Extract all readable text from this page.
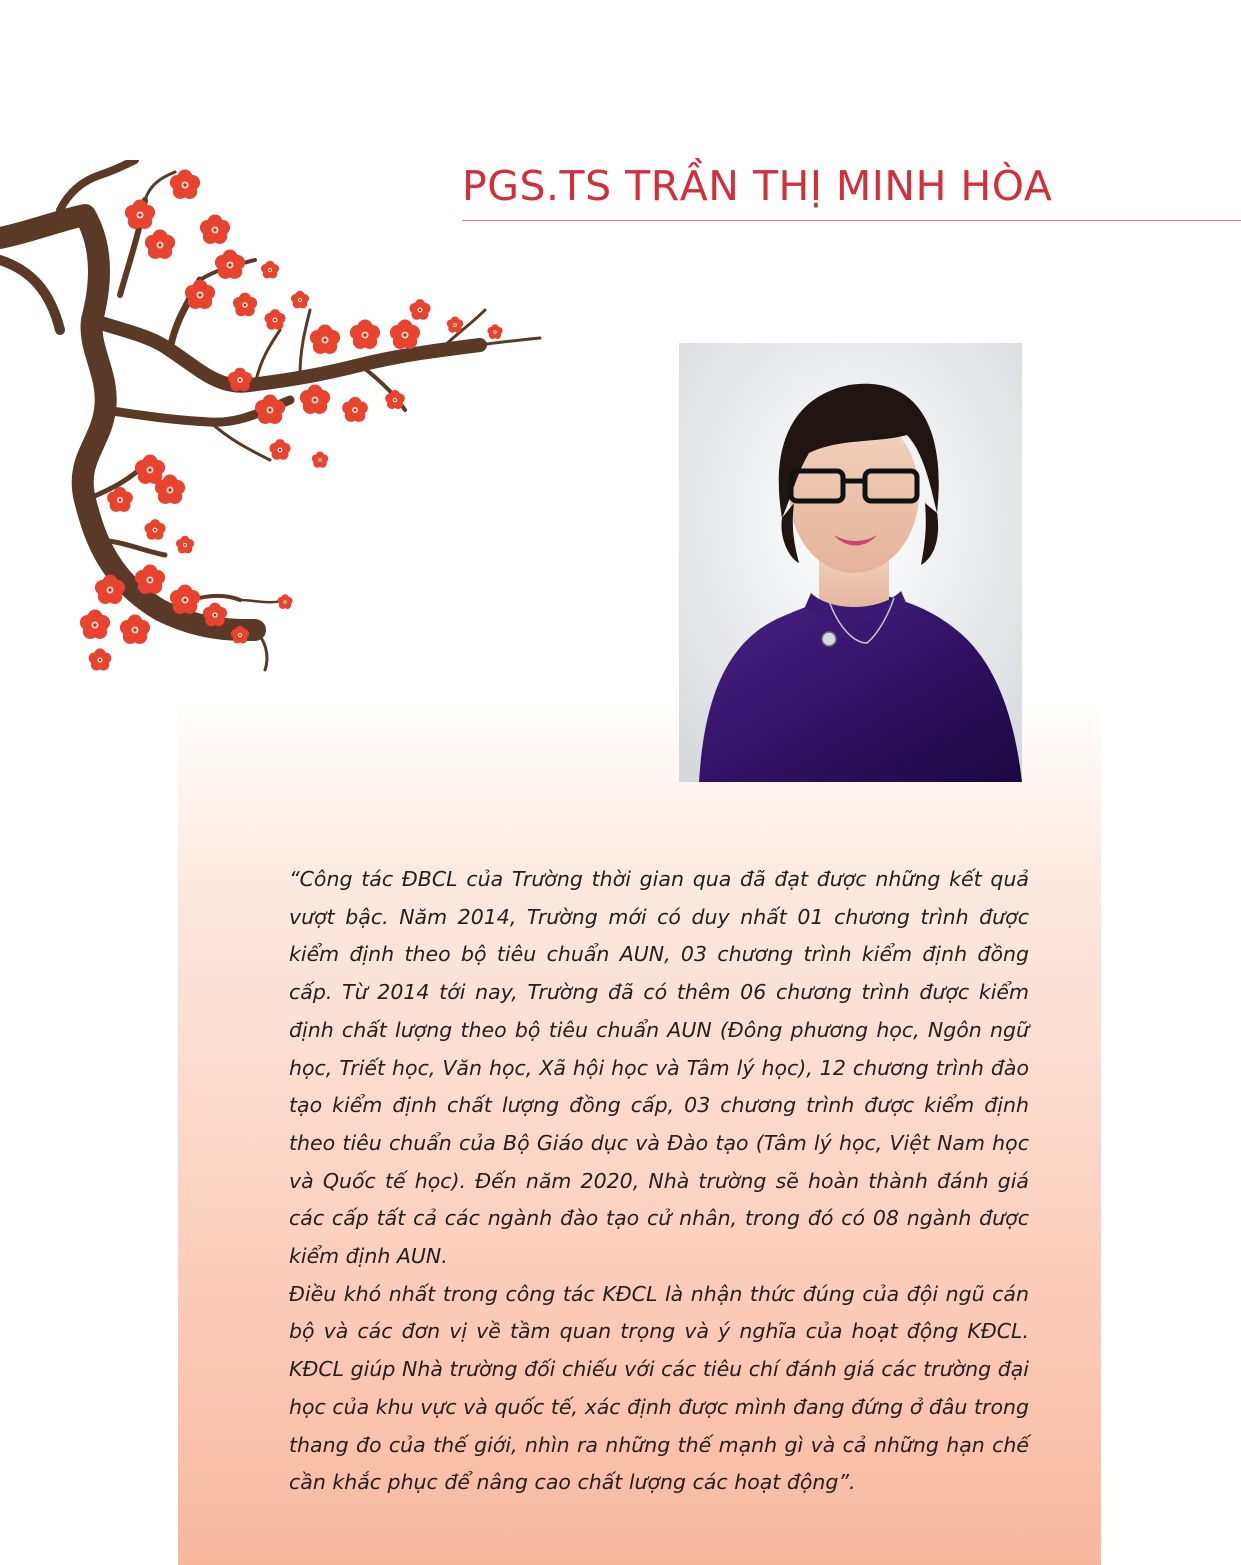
PGS.TS TRẦN THỊ MINH HÒA

“Công tác ĐBCL của Trường thời gian qua đã đạt được những kết quả vượt bậc. Năm 2014, Trường mới có duy nhất 01 chương trình được kiểm định theo bộ tiêu chuẩn AUN, 03 chương trình kiểm định đồng cấp. Từ 2014 tới nay, Trường đã có thêm 06 chương trình được kiểm định chất lượng theo bộ tiêu chuẩn AUN (Đông phương học, Ngôn ngữ học, Triết học, Văn học, Xã hội học và Tâm lý học), 12 chương trình đào tạo kiểm định chất lượng đồng cấp, 03 chương trình được kiểm định theo tiêu chuẩn của Bộ Giáo dục và Đào tạo (Tâm lý học, Việt Nam học và Quốc tế học). Đến năm 2020, Nhà trường sẽ hoàn thành đánh giá các cấp tất cả các ngành đào tạo cử nhân, trong đó có 08 ngành được kiểm định AUN.

Điều khó nhất trong công tác KĐCL là nhận thức đúng của đội ngũ cán bộ và các đơn vị về tầm quan trọng và ý nghĩa của hoạt động KĐCL. KĐCL giúp Nhà trường đối chiếu với các tiêu chí đánh giá các trường đại học của khu vực và quốc tế, xác định được mình đang đứng ở đâu trong thang đo của thế giới, nhìn ra những thế mạnh gì và cả những hạn chế cần khắc phục để nâng cao chất lượng các hoạt động”.
